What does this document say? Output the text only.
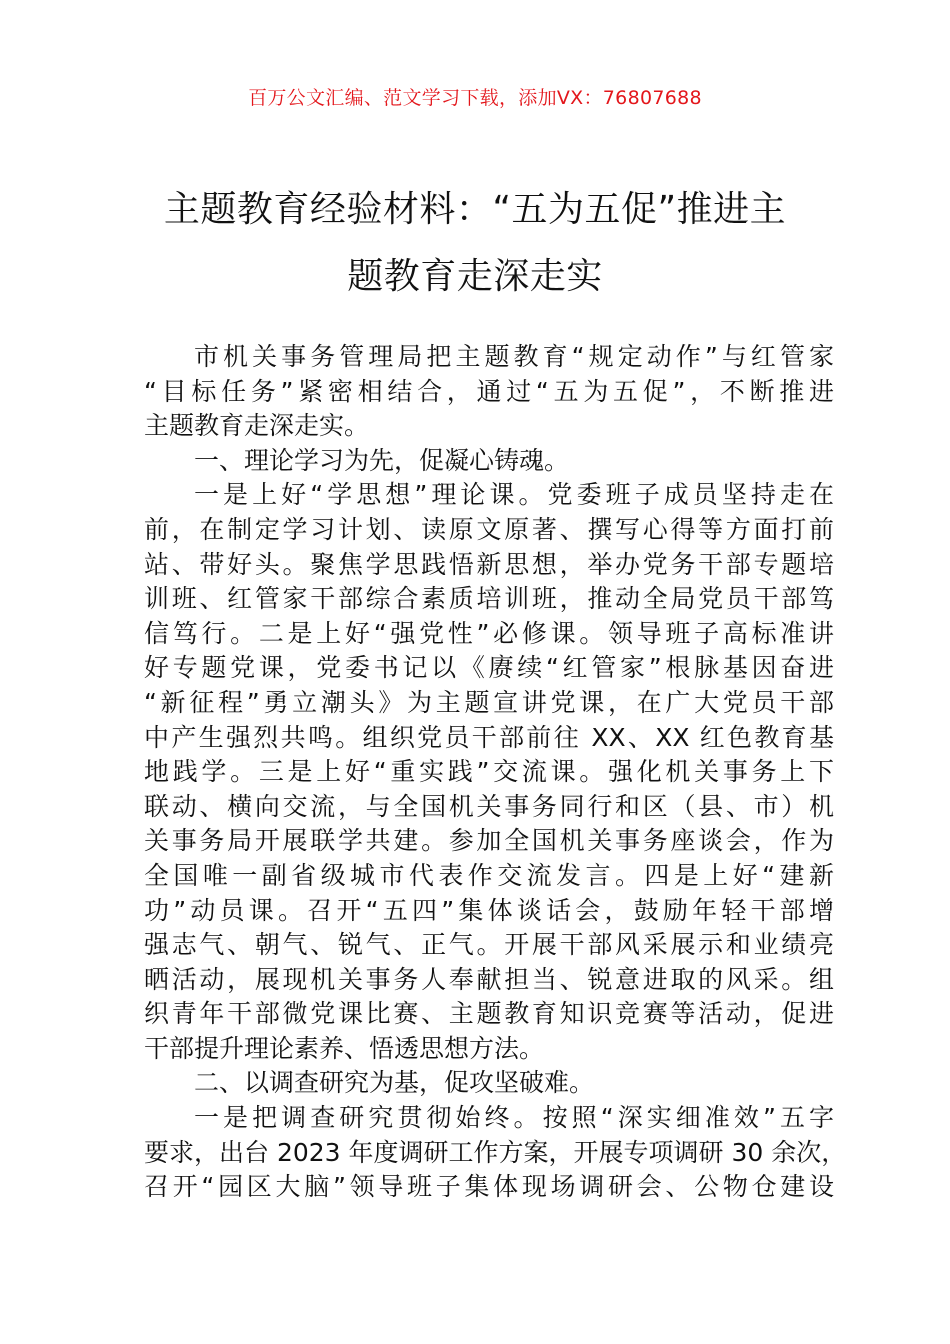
百万公文汇编、范文学习下载，添加VX：76807688
主题教育经验材料：“五为五促”推进主
题教育走深走实
市机关事务管理局把主题教育“规定动作”与红管家
“目标任务”紧密相结合，通过“五为五促”，不断推进
主题教育走深走实。
一、理论学习为先，促凝心铸魂。
一是上好“学思想”理论课。党委班子成员坚持走在
前，在制定学习计划、读原文原著、撰写心得等方面打前
站、带好头。聚焦学思践悟新思想，举办党务干部专题培
训班、红管家干部综合素质培训班，推动全局党员干部笃
信笃行。二是上好“强党性”必修课。领导班子高标准讲
好专题党课，党委书记以《赓续“红管家”根脉基因奋进
“新征程”勇立潮头》为主题宣讲党课，在广大党员干部
中产生强烈共鸣。组织党员干部前往 XX、XX 红色教育基
地践学。三是上好“重实践”交流课。强化机关事务上下
联动、横向交流，与全国机关事务同行和区（县、市）机
关事务局开展联学共建。参加全国机关事务座谈会，作为
全国唯一副省级城市代表作交流发言。四是上好“建新
功”动员课。召开“五四”集体谈话会，鼓励年轻干部增
强志气、朝气、锐气、正气。开展干部风采展示和业绩亮
晒活动，展现机关事务人奉献担当、锐意进取的风采。组
织青年干部微党课比赛、主题教育知识竞赛等活动，促进
干部提升理论素养、悟透思想方法。
二、以调查研究为基，促攻坚破难。
一是把调查研究贯彻始终。按照“深实细准效”五字
要求，出台 2023 年度调研工作方案，开展专项调研 30 余次，
召开“园区大脑”领导班子集体现场调研会、公物仓建设
